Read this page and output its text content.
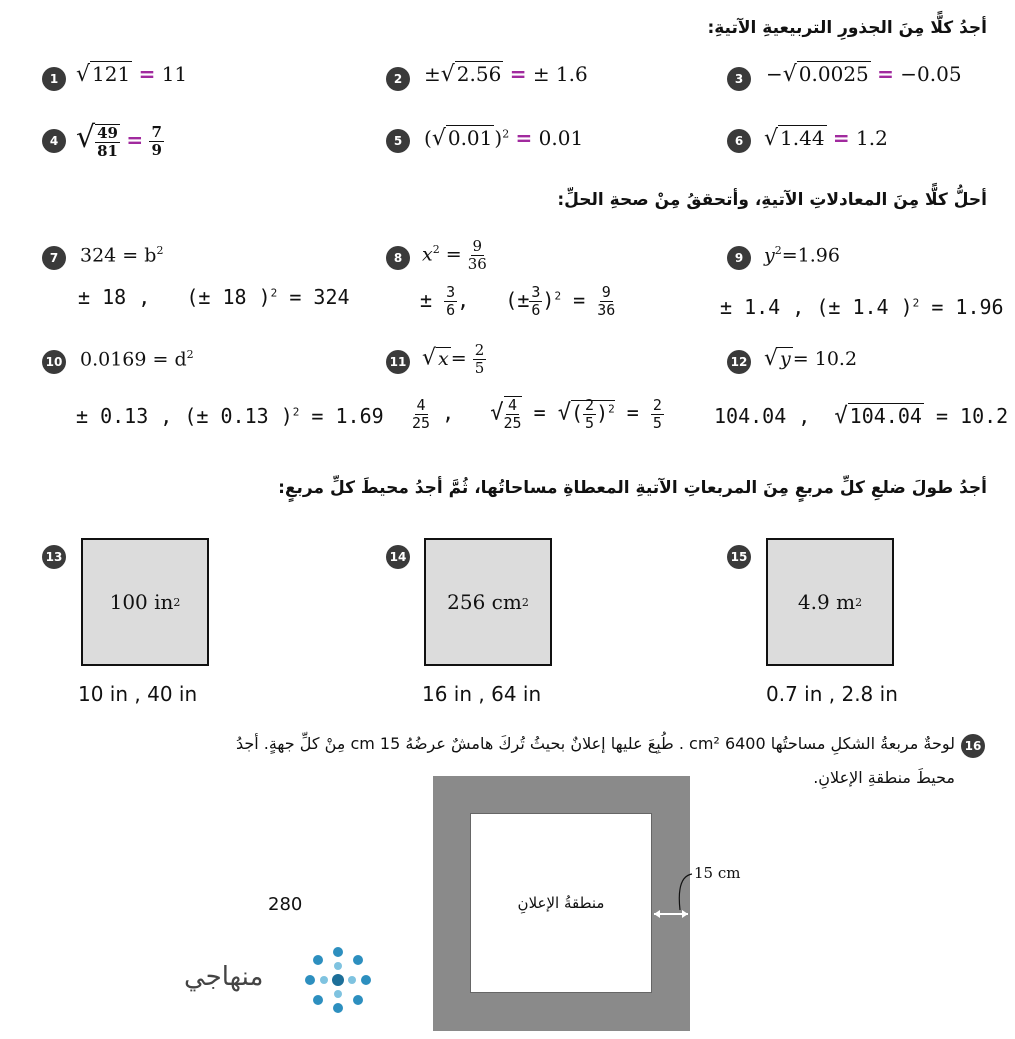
أجدُ كلًّا مِنَ الجذورِ التربيعيةِ الآتيةِ:
1 √ 121 = 11	2	±√ 2.56 = ± 1.6	3	−√ 0.0025 = −0.05
4 √ $\frac{49}{81} = \frac{7}{9}$	5	(√ 0.01 )$^2$ = 0.01	6 √ 1.44 = 1.2
أحلُّ كلًّا مِنَ المعادلاتِ الآتيةِ، وأتحققُ مِنْ صحةِ الحلِّ:
7	$324 = b^2$
± 18 , (± 18 )$^2$ = 324
8	$x^2 = \frac{9}{36}$
± $\frac{3}{6}$ , (± $\frac{3}{6} )^2 = \frac{9}{36}$
9	$y^2=1.96$
± 1.4 , (± 1.4 )$^2$ = 1.96
10 $0.0169 = d^2$
± 0.13 , (± 0.13 )$^2$ = 1.69
11 √ $x = \frac{2}{5}$
$\frac{4}{25}$ , √ $\frac{4}{25}$ = √( $\frac{2}{5} )^2 = \frac{2}{5}$
12 √ y = 10.2
104.04 , √ 104.04 = 10.2
أجدُ طولَ ضلعِ كلِّ مربعٍ مِنَ المربعاتِ الآتيةِ المعطاةِ مساحاتُها، ثُمَّ أجدُ محيطَ كلِّ مربعٍ:
13
100 in 2
10 in , 40 in
14
256 cm 2
16 in , 64 in
15
4.9 m 2
0.7 in , 2.8 in
16
لوحةٌ مربعةُ الشكلِ مساحتُها 6400 cm² . طُبِعَ عليها إعلانٌ بحيثُ تُركَ هامشٌ عرضُهُ 15 cm مِنْ كلِّ جهةٍ. أجدُ
محيطَ منطقةِ الإعلانِ.
منطقةُ الإعلانِ
15 cm
280
منهاجي
